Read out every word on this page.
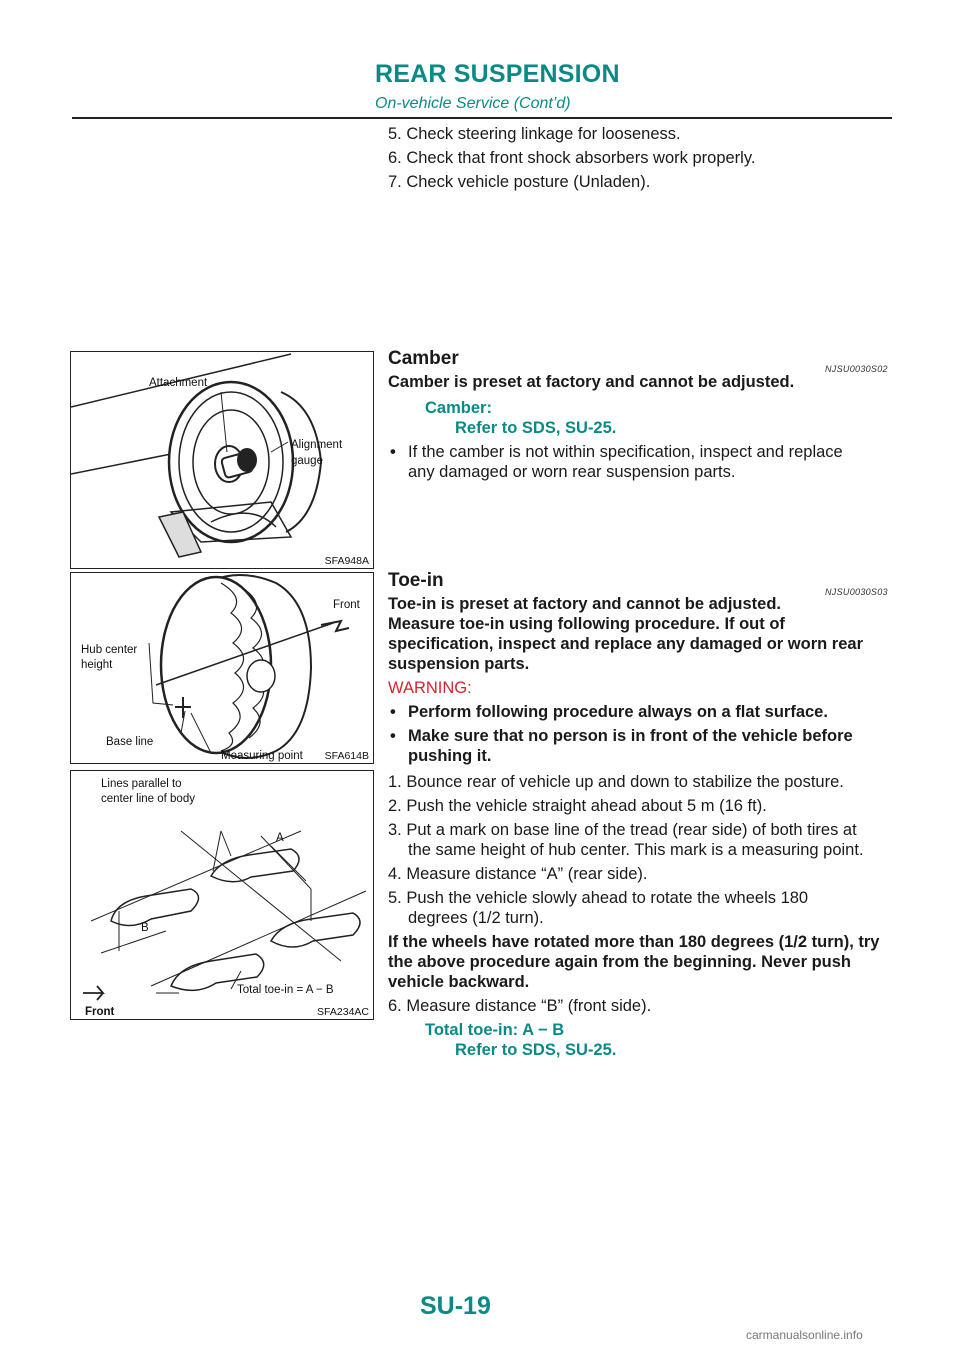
REAR SUSPENSION
On-vehicle Service (Cont’d)
5. Check steering linkage for looseness.
6. Check that front shock absorbers work properly.
7. Check vehicle posture (Unladen).
Attachment
Alignment
gauge
SFA948A
Camber	NJSU0030S02
Camber is preset at factory and cannot be adjusted.
Camber:
Refer to SDS, SU-25.
• If the camber is not within specification, inspect and replace
any damaged or worn rear suspension parts.
Front
Hub center
height
Base line
Measuring point SFA614B
Lines parallel to
center line of body
A
B
Total toe-in = A − B
Front	SFA234AC
Toe-in
NJSU0030S03
Toe-in is preset at factory and cannot be adjusted.
Measure toe-in using following procedure. If out of
specification, inspect and replace any damaged or worn rear
suspension parts.
WARNING:
• Perform following procedure always on a flat surface.
• Make sure that no person is in front of the vehicle before
pushing it.
1. Bounce rear of vehicle up and down to stabilize the posture.
2. Push the vehicle straight ahead about 5 m (16 ft).
3. Put a mark on base line of the tread (rear side) of both tires at
the same height of hub center. This mark is a measuring point.
4. Measure distance “A” (rear side).
5. Push the vehicle slowly ahead to rotate the wheels 180
degrees (1/2 turn).
If the wheels have rotated more than 180 degrees (1/2 turn), try
the above procedure again from the beginning. Never push
vehicle backward.
6. Measure distance “B” (front side).
Total toe-in: A − B
Refer to SDS, SU-25.
SU-19
carmanualsonline.info
